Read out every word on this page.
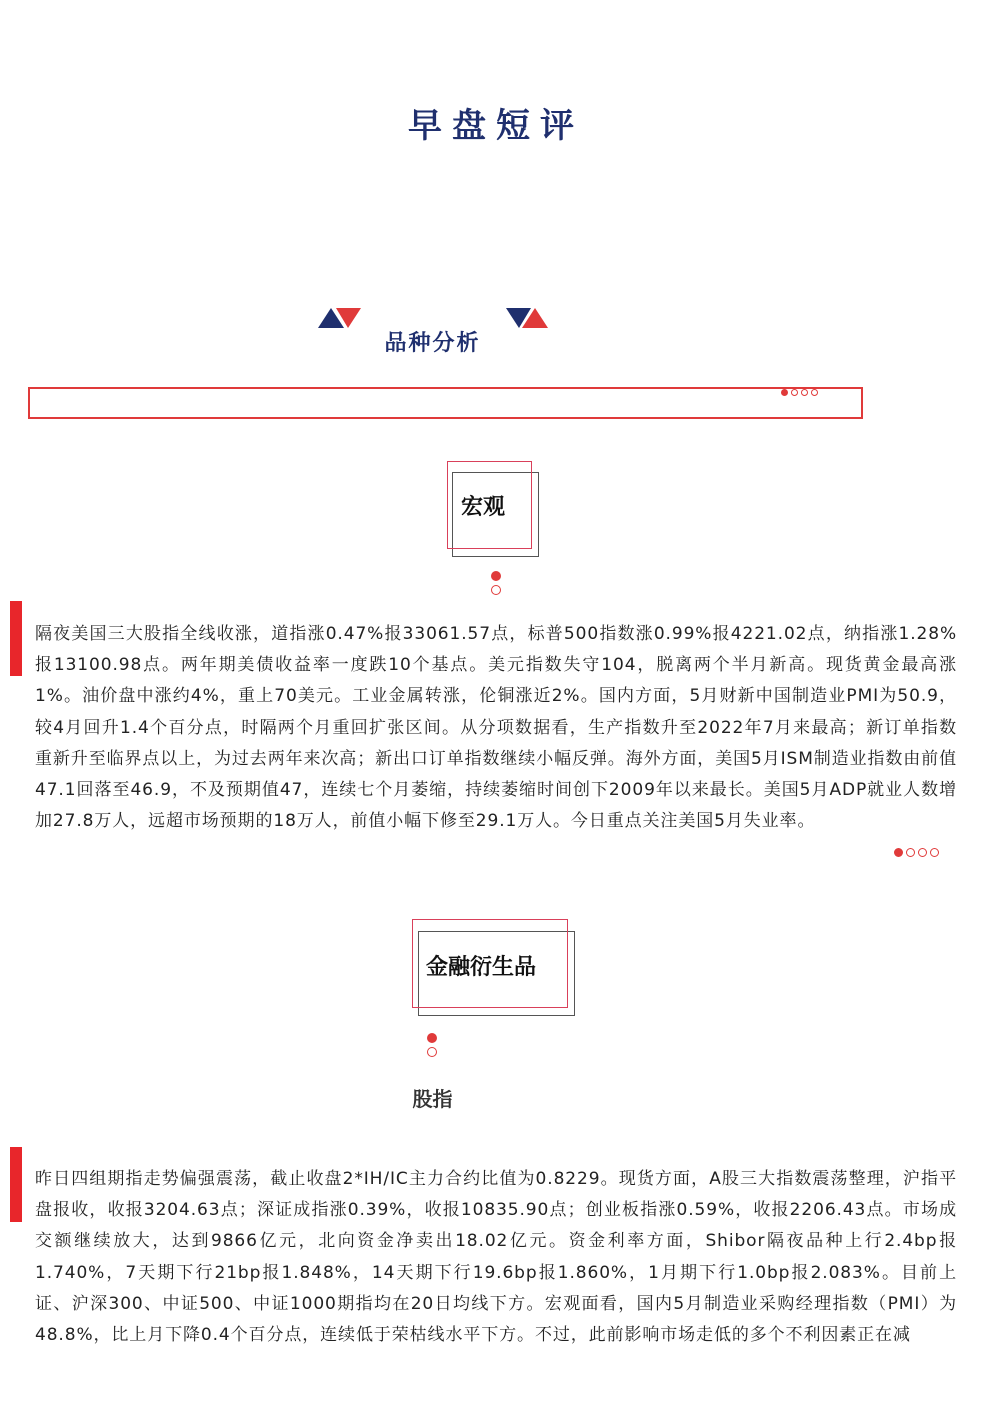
早盘短评
品种分析
宏观
隔夜美国三大股指全线收涨，道指涨0.47%报33061.57点，标普500指数涨0.99%报4221.02点，纳指涨1.28%报13100.98点。两年期美债收益率一度跌10个基点。美元指数失守104，脱离两个半月新高。现货黄金最高涨1%。油价盘中涨约4%，重上70美元。工业金属转涨，伦铜涨近2%。国内方面，5月财新中国制造业PMI为50.9，较4月回升1.4个百分点，时隔两个月重回扩张区间。从分项数据看，生产指数升至2022年7月来最高；新订单指数重新升至临界点以上，为过去两年来次高；新出口订单指数继续小幅反弹。海外方面，美国5月ISM制造业指数由前值47.1回落至46.9，不及预期值47，连续七个月萎缩，持续萎缩时间创下2009年以来最长。美国5月ADP就业人数增加27.8万人，远超市场预期的18万人，前值小幅下修至29.1万人。今日重点关注美国5月失业率。
金融衍生品
股指
昨日四组期指走势偏强震荡，截止收盘2*IH/IC主力合约比值为0.8229。现货方面，A股三大指数震荡整理，沪指平盘报收，收报3204.63点；深证成指涨0.39%，收报10835.90点；创业板指涨0.59%，收报2206.43点。市场成交额继续放大，达到9866亿元，北向资金净卖出18.02亿元。资金利率方面，Shibor隔夜品种上行2.4bp报1.740%，7天期下行21bp报1.848%，14天期下行19.6bp报1.860%，1月期下行1.0bp报2.083%。目前上证、沪深300、中证500、中证1000期指均在20日均线下方。宏观面看，国内5月制造业采购经理指数（PMI）为48.8%，比上月下降0.4个百分点，连续低于荣枯线水平下方。不过，此前影响市场走低的多个不利因素正在减
